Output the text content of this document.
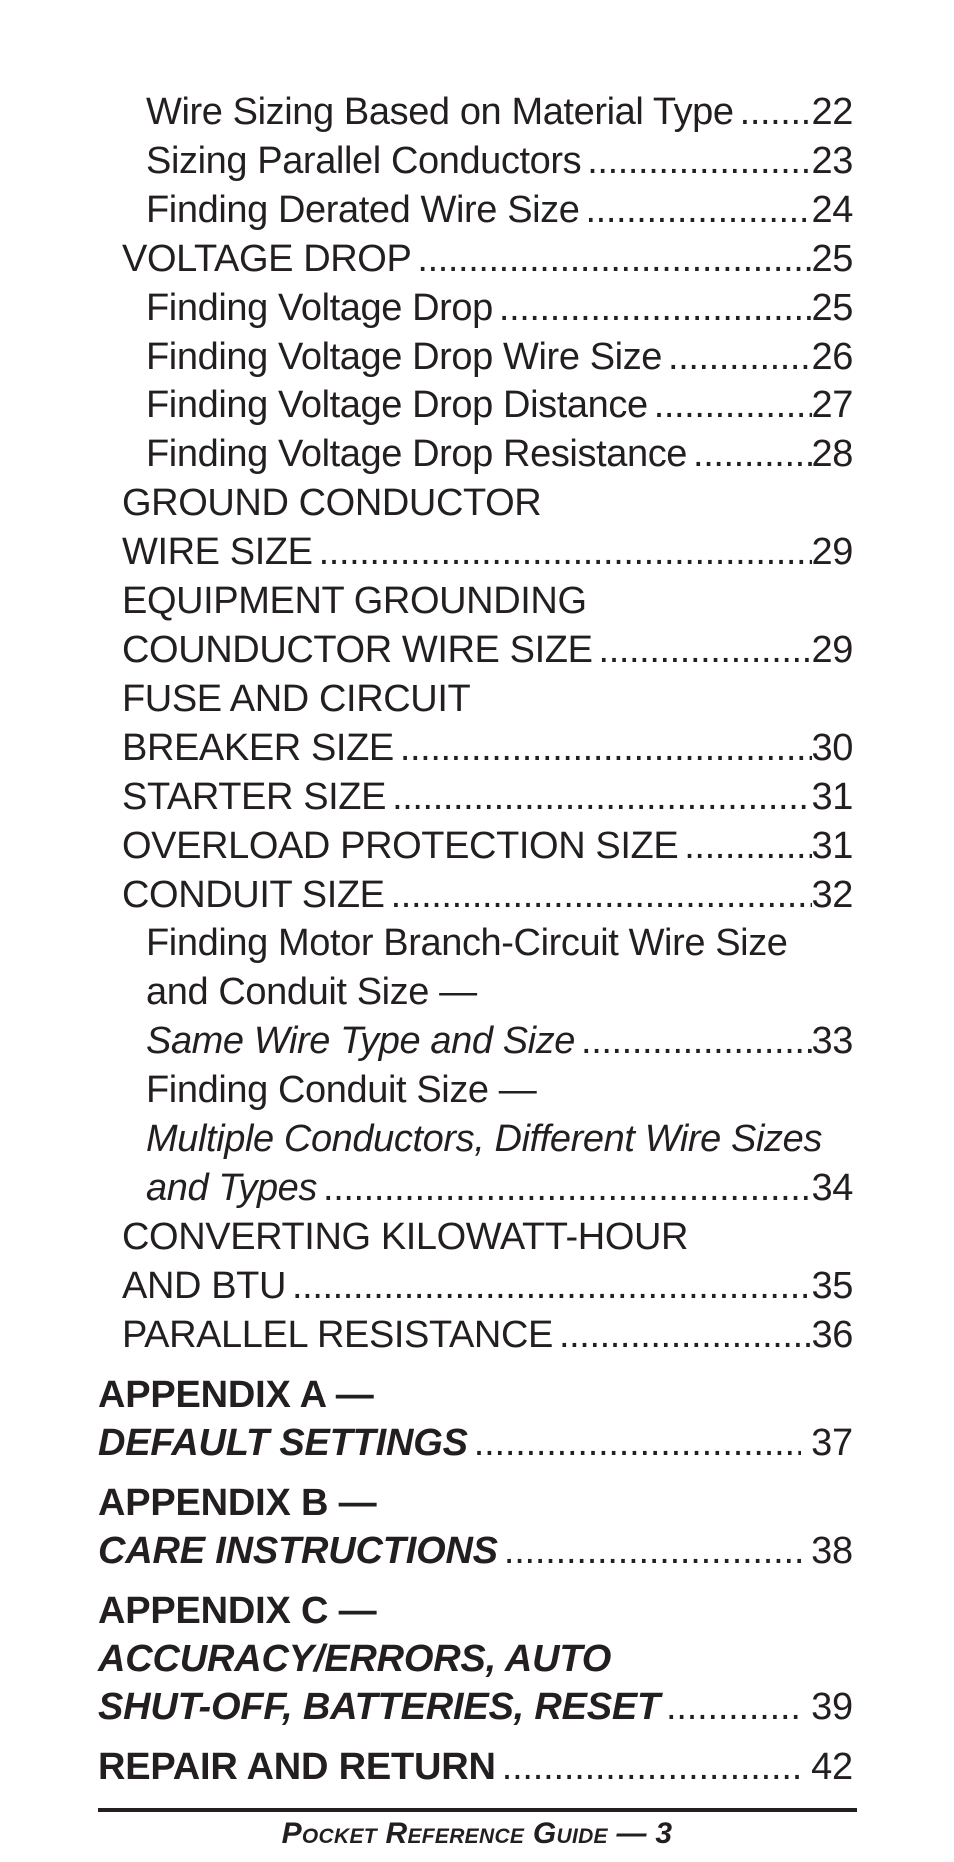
Wire Sizing Based on Material Type ..... 22
Sizing Parallel Conductors .....	23
Finding Derated Wire Size .....	24
VOLTAGE DROP .....	25
Finding Voltage Drop .....	25
Finding Voltage Drop Wire Size .....	26
Finding Voltage Drop Distance .....	27
Finding Voltage Drop Resistance .....	28
GROUND CONDUCTOR
WIRE SIZE .....	29
EQUIPMENT GROUNDING
COUNDUCTOR WIRE SIZE .....	29
FUSE AND CIRCUIT
BREAKER SIZE .....	30
STARTER SIZE .....	31
OVERLOAD PROTECTION SIZE .....	31
CONDUIT SIZE .....	32
Finding Motor Branch-Circuit Wire Size
and Conduit Size —
Same Wire Type and Size .....	33
Finding Conduit Size —
Multiple Conductors, Different Wire Sizes
and Types .....	34
CONVERTING KILOWATT-HOUR
AND BTU .....	35
PARALLEL RESISTANCE .....	36
APPENDIX A —
DEFAULT SETTINGS .....	37
APPENDIX B —
CARE INSTRUCTIONS .....	38
APPENDIX C —
ACCURACY/ERRORS, AUTO
SHUT-OFF, BATTERIES, RESET .....	39
REPAIR AND RETURN .....	42
Pocket Reference Guide — 3
